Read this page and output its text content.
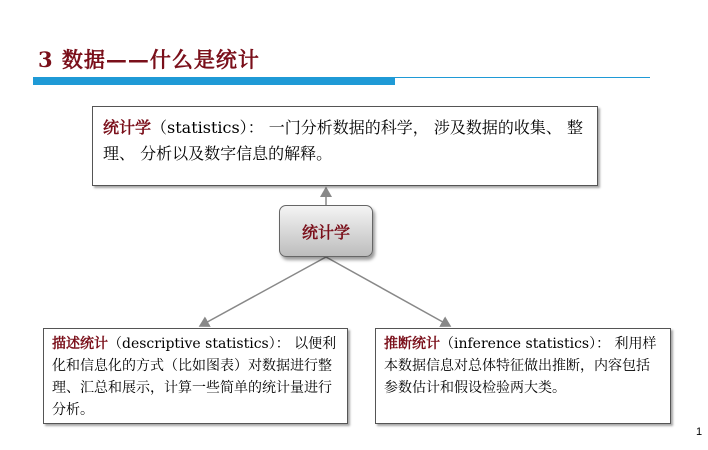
3 数据——什么是统计
统计学（statistics）： 一门分析数据的科学， 涉及数据的收集、 整理、 分析以及数字信息的解释。
统计学
描述统计（descriptive statistics）： 以便利化和信息化的方式（比如图表）对数据进行整理、汇总和展示，计算一些简单的统计量进行分析。
推断统计（inference statistics）： 利用样本数据信息对总体特征做出推断，内容包括参数估计和假设检验两大类。
1
